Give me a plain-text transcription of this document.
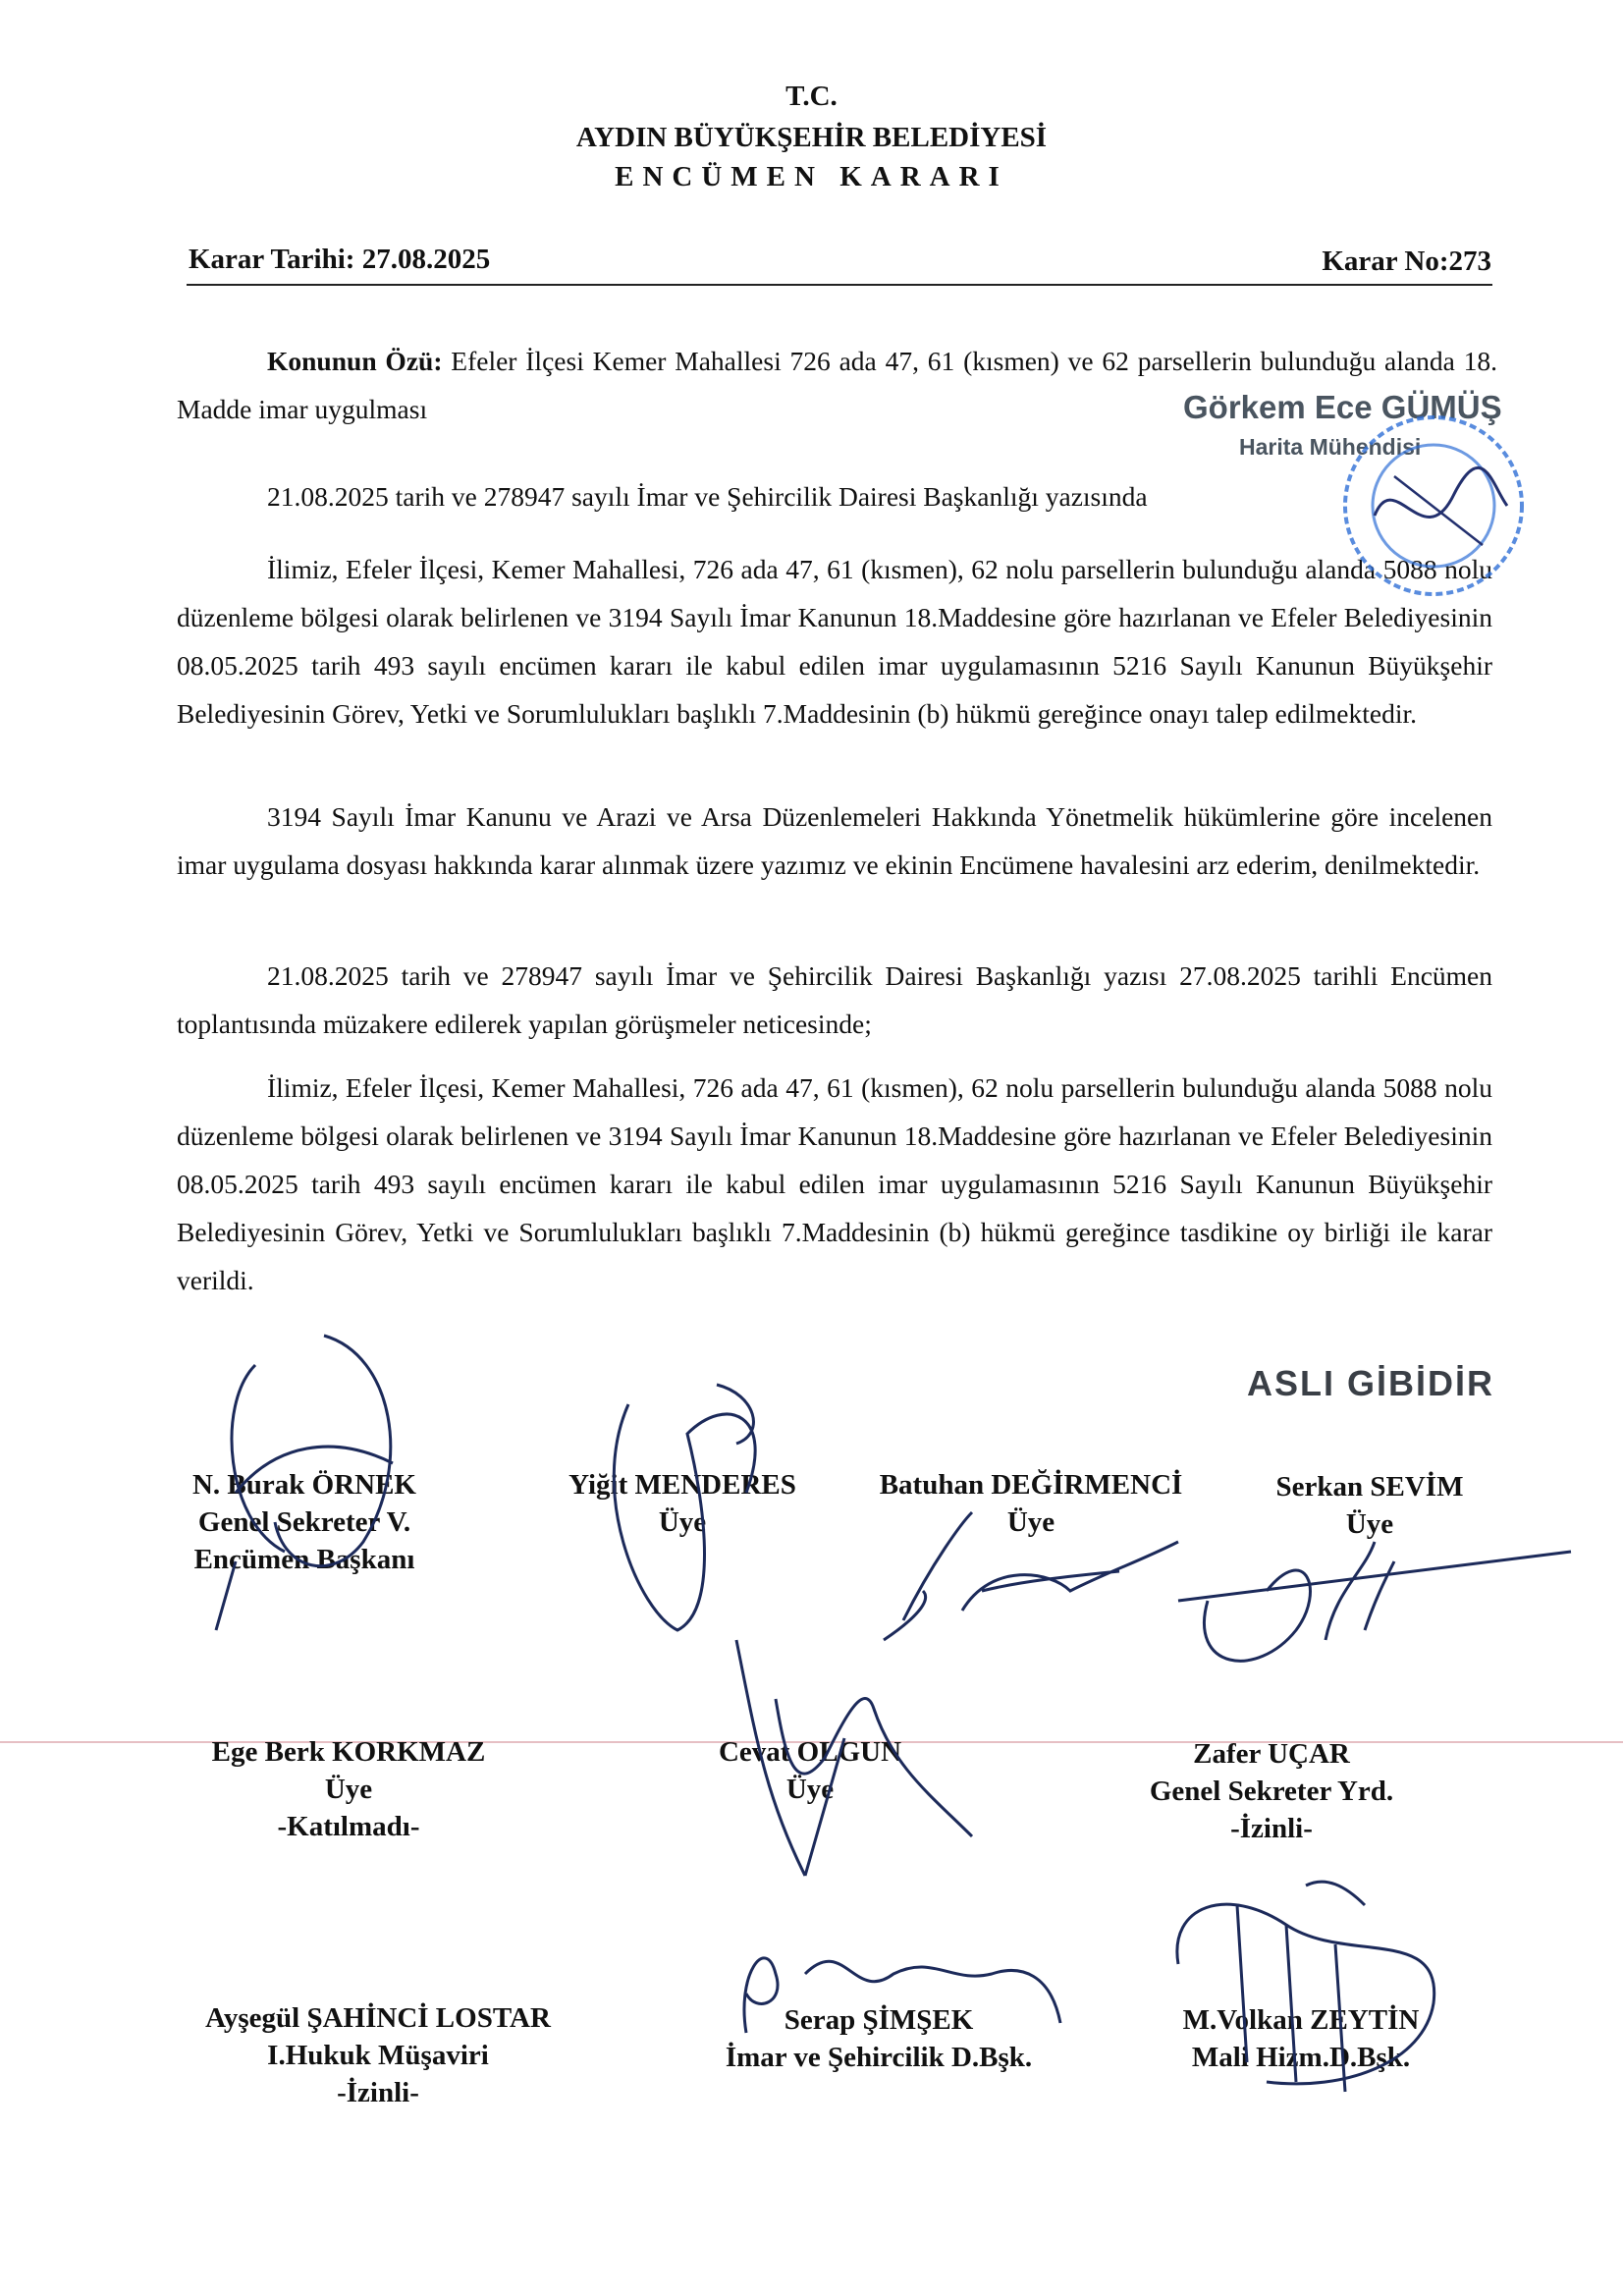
T.C.
AYDIN BÜYÜKŞEHİR BELEDİYESİ
ENCÜMEN KARARI
Karar Tarihi: 27.08.2025	Karar No:273

Konunun Özü: Efeler İlçesi Kemer Mahallesi 726 ada 47, 61 (kısmen) ve 62 parsellerin bulunduğu alanda 18. Madde imar uygulması

21.08.2025 tarih ve 278947 sayılı İmar ve Şehircilik Dairesi Başkanlığı yazısında

İlimiz, Efeler İlçesi, Kemer Mahallesi, 726 ada 47, 61 (kısmen), 62 nolu parsellerin bulunduğu alanda 5088 nolu düzenleme bölgesi olarak belirlenen ve 3194 Sayılı İmar Kanunun 18.Maddesine göre hazırlanan ve Efeler Belediyesinin 08.05.2025 tarih 493 sayılı encümen kararı ile kabul edilen imar uygulamasının 5216 Sayılı Kanunun Büyükşehir Belediyesinin Görev, Yetki ve Sorumlulukları başlıklı 7.Maddesinin (b) hükmü gereğince onayı talep edilmektedir.

3194 Sayılı İmar Kanunu ve Arazi ve Arsa Düzenlemeleri Hakkında Yönetmelik hükümlerine göre incelenen imar uygulama dosyası hakkında karar alınmak üzere yazımız ve ekinin Encümene havalesini arz ederim, denilmektedir.

21.08.2025 tarih ve 278947 sayılı İmar ve Şehircilik Dairesi Başkanlığı yazısı 27.08.2025 tarihli Encümen toplantısında müzakere edilerek yapılan görüşmeler neticesinde;

İlimiz, Efeler İlçesi, Kemer Mahallesi, 726 ada 47, 61 (kısmen), 62 nolu parsellerin bulunduğu alanda 5088 nolu düzenleme bölgesi olarak belirlenen ve 3194 Sayılı İmar Kanunun 18.Maddesine göre hazırlanan ve Efeler Belediyesinin 08.05.2025 tarih 493 sayılı encümen kararı ile kabul edilen imar uygulamasının 5216 Sayılı Kanunun Büyükşehir Belediyesinin Görev, Yetki ve Sorumlulukları başlıklı 7.Maddesinin (b) hükmü gereğince tasdikine oy birliği ile karar verildi.

Görkem Ece GÜMÜŞ
Harita Mühendisi
ASLI GİBİDİR
N. Burak ÖRNEK
Genel Sekreter V.
Encümen Başkanı
Yiğit MENDERES
Üye
Batuhan DEĞİRMENCİ
Üye
Serkan SEVİM
Üye
Ege Berk KORKMAZ
Üye
-Katılmadı-
Cevat OLGUN
Üye
Zafer UÇAR
Genel Sekreter Yrd.
-İzinli-
Ayşegül ŞAHİNCİ LOSTAR
I.Hukuk Müşaviri
-İzinli-
Serap ŞİMŞEK
İmar ve Şehircilik D.Bşk.
M.Volkan ZEYTİN
Mali Hizm.D.Bşk.
